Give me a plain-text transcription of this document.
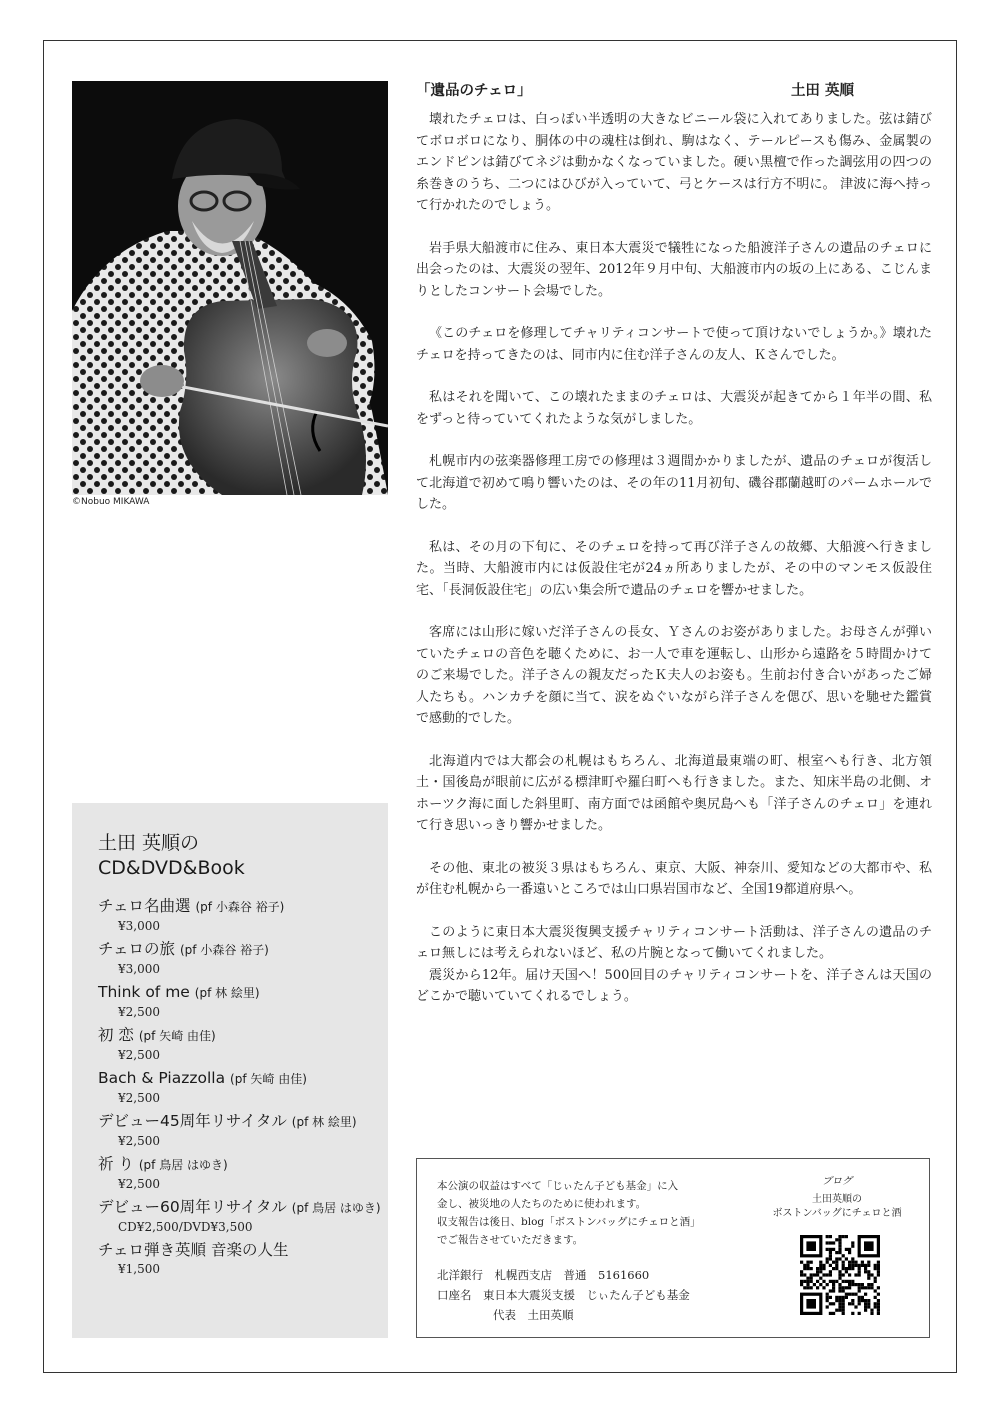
©Nobuo MIKAWA
土田 英順の
CD&DVD&Book
チェロ名曲選 (pf 小森谷 裕子)
¥3,000
チェロの旅 (pf 小森谷 裕子)
¥3,000
Think of me (pf 林 絵里)
¥2,500
初 恋 (pf 矢崎 由佳)
¥2,500
Bach & Piazzolla (pf 矢崎 由佳)
¥2,500
デビュー45周年リサイタル (pf 林 絵里)
¥2,500
祈 り (pf 鳥居 はゆき)
¥2,500
デビュー60周年リサイタル (pf 鳥居 はゆき)
CD¥2,500/DVD¥3,500
チェロ弾き英順 音楽の人生
¥1,500
「遺品のチェロ」	土田 英順

壊れたチェロは、白っぽい半透明の大きなビニール袋に入れてありました。弦は錆びてボロボロになり、胴体の中の魂柱は倒れ、駒はなく、テールピースも傷み、金属製のエンドピンは錆びてネジは動かなくなっていました。硬い黒檀で作った調弦用の四つの糸巻きのうち、二つにはひびが入っていて、弓とケースは行方不明に。 津波に海へ持って行かれたのでしょう。

岩手県大船渡市に住み、東日本大震災で犠牲になった船渡洋子さんの遺品のチェロに出会ったのは、大震災の翌年、2012年９月中旬、大船渡市内の坂の上にある、こじんまりとしたコンサート会場でした。

《このチェロを修理してチャリティコンサートで使って頂けないでしょうか。》壊れたチェロを持ってきたのは、同市内に住む洋子さんの友人、Ｋさんでした。

私はそれを聞いて、この壊れたままのチェロは、大震災が起きてから１年半の間、私をずっと待っていてくれたような気がしました。

札幌市内の弦楽器修理工房での修理は３週間かかりましたが、遺品のチェロが復活して北海道で初めて鳴り響いたのは、その年の11月初旬、磯谷郡蘭越町のパームホールでした。

私は、その月の下旬に、そのチェロを持って再び洋子さんの故郷、大船渡へ行きました。当時、大船渡市内には仮設住宅が24ヵ所ありましたが、その中のマンモス仮設住宅、「長洞仮設住宅」の広い集会所で遺品のチェロを響かせました。

客席には山形に嫁いだ洋子さんの長女、Ｙさんのお姿がありました。お母さんが弾いていたチェロの音色を聴くために、お一人で車を運転し、山形から遠路を５時間かけてのご来場でした。洋子さんの親友だったＫ夫人のお姿も。生前お付き合いがあったご婦人たちも。ハンカチを顔に当て、涙をぬぐいながら洋子さんを偲び、思いを馳せた鑑賞で感動的でした。

北海道内では大都会の札幌はもちろん、北海道最東端の町、根室へも行き、北方領土・国後島が眼前に広がる標津町や羅臼町へも行きました。また、知床半島の北側、オホーツク海に面した斜里町、南方面では函館や奥尻島へも「洋子さんのチェロ」を連れて行き思いっきり響かせました。

その他、東北の被災３県はもちろん、東京、大阪、神奈川、愛知などの大都市や、私が住む札幌から一番遠いところでは山口県岩国市など、全国19都道府県へ。

このように東日本大震災復興支援チャリティコンサート活動は、洋子さんの遺品のチェロ無しには考えられないほど、私の片腕となって働いてくれました。

震災から12年。届け天国へ！500回目のチャリティコンサートを、洋子さんは天国のどこかで聴いていてくれるでしょう。

本公演の収益はすべて「じぃたん子ども基金」に入
金し、被災地の人たちのために使われます。
収支報告は後日、blog「ボストンバッグにチェロと酒」
でご報告させていただきます。
北洋銀行　札幌西支店　普通　5161660
口座名　東日本大震災支援　じぃたん子ども基金
代表　土田英順
ブログ
土田英順の
ボストンバッグにチェロと酒
